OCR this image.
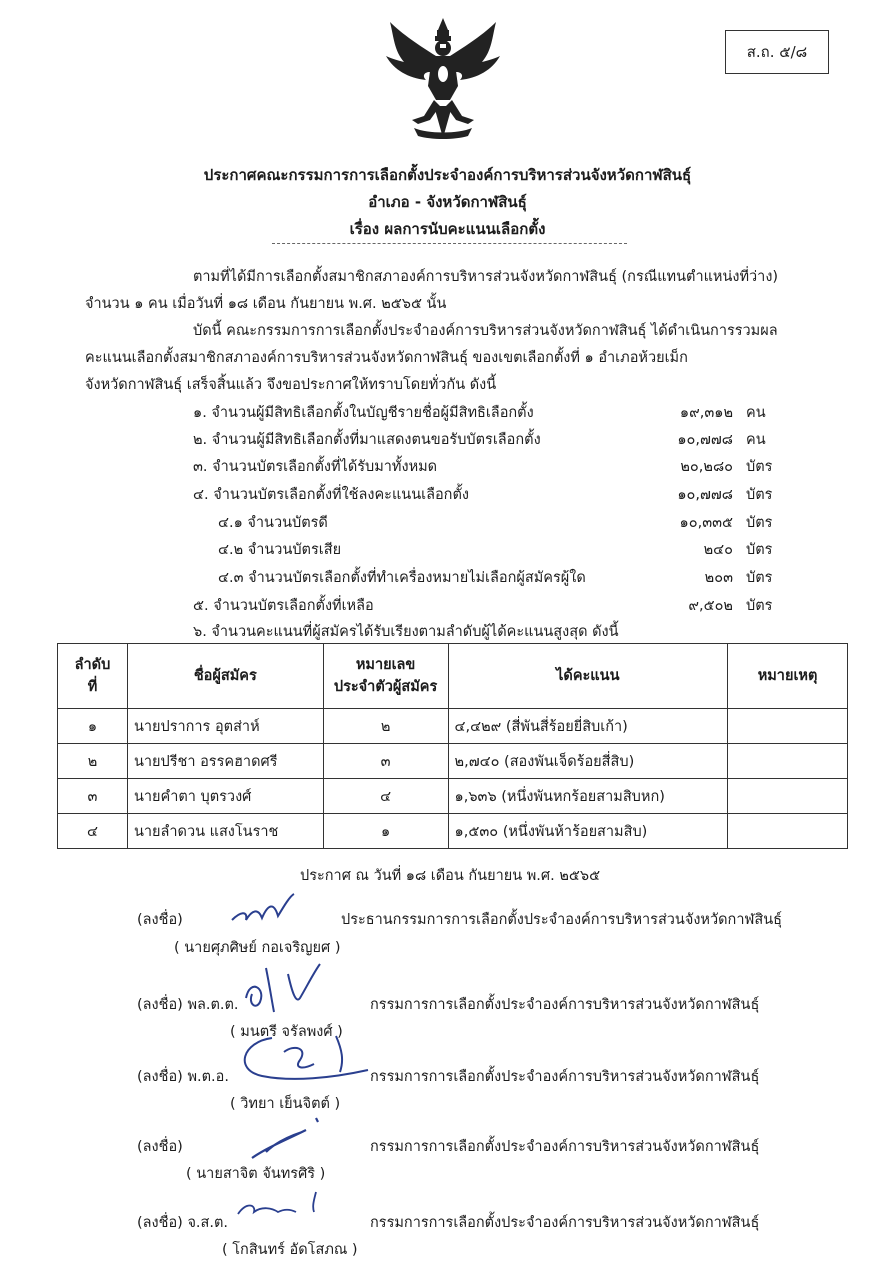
ส.ถ. ๕/๘
ประกาศคณะกรรมการการเลือกตั้งประจำองค์การบริหารส่วนจังหวัดกาฬสินธุ์
อำเภอ - จังหวัดกาฬสินธุ์
เรื่อง ผลการนับคะแนนเลือกตั้ง
ตามที่ได้มีการเลือกตั้งสมาชิกสภาองค์การบริหารส่วนจังหวัดกาฬสินธุ์ (กรณีแทนตำแหน่งที่ว่าง)
จำนวน ๑ คน เมื่อวันที่ ๑๘ เดือน กันยายน พ.ศ. ๒๕๖๕ นั้น
บัดนี้ คณะกรรมการการเลือกตั้งประจำองค์การบริหารส่วนจังหวัดกาฬสินธุ์ ได้ดำเนินการรวมผล
คะแนนเลือกตั้งสมาชิกสภาองค์การบริหารส่วนจังหวัดกาฬสินธุ์ ของเขตเลือกตั้งที่ ๑ อำเภอห้วยเม็ก
จังหวัดกาฬสินธุ์ เสร็จสิ้นแล้ว จึงขอประกาศให้ทราบโดยทั่วกัน ดังนี้
๑. จำนวนผู้มีสิทธิเลือกตั้งในบัญชีรายชื่อผู้มีสิทธิเลือกตั้ง	๑๙,๓๑๒ คน
๒. จำนวนผู้มีสิทธิเลือกตั้งที่มาแสดงตนขอรับบัตรเลือกตั้ง	๑๐,๗๗๘ คน
๓. จำนวนบัตรเลือกตั้งที่ได้รับมาทั้งหมด	๒๐,๒๘๐ บัตร
๔. จำนวนบัตรเลือกตั้งที่ใช้ลงคะแนนเลือกตั้ง	๑๐,๗๗๘ บัตร
๔.๑ จำนวนบัตรดี	๑๐,๓๓๕ บัตร
๔.๒ จำนวนบัตรเสีย	๒๔๐ บัตร
๔.๓ จำนวนบัตรเลือกตั้งที่ทำเครื่องหมายไม่เลือกผู้สมัครผู้ใด	๒๐๓ บัตร
๕. จำนวนบัตรเลือกตั้งที่เหลือ	๙,๕๐๒ บัตร
๖. จำนวนคะแนนที่ผู้สมัครได้รับเรียงตามลำดับผู้ได้คะแนนสูงสุด ดังนี้
ลำดับ
ที่	ชื่อผู้สมัคร	หมายเลข
ประจำตัวผู้สมัคร	ได้คะแนน	หมายเหตุ
๑	นายปราการ อุตส่าห์	๒	๔,๔๒๙ (สี่พันสี่ร้อยยี่สิบเก้า)	
๒	นายปรีชา อรรคฮาดศรี	๓	๒,๗๔๐ (สองพันเจ็ดร้อยสี่สิบ)	
๓	นายคำตา บุตรวงศ์	๔	๑,๖๓๖ (หนึ่งพันหกร้อยสามสิบหก)	
๔	นายลำดวน แสงโนราช	๑	๑,๕๓๐ (หนึ่งพันห้าร้อยสามสิบ)	
ประกาศ ณ วันที่ ๑๘ เดือน กันยายน พ.ศ. ๒๕๖๕
(ลงชื่อ)	ประธานกรรมการการเลือกตั้งประจำองค์การบริหารส่วนจังหวัดกาฬสินธุ์
( นายศุภศิษย์ กอเจริญยศ )
(ลงชื่อ) พล.ต.ต.	กรรมการการเลือกตั้งประจำองค์การบริหารส่วนจังหวัดกาฬสินธุ์
( มนตรี จรัลพงศ์ )
(ลงชื่อ) พ.ต.อ.	กรรมการการเลือกตั้งประจำองค์การบริหารส่วนจังหวัดกาฬสินธุ์
( วิทยา เย็นจิตต์ )
(ลงชื่อ)	กรรมการการเลือกตั้งประจำองค์การบริหารส่วนจังหวัดกาฬสินธุ์
( นายสาจิต จันทรศิริ )
(ลงชื่อ) จ.ส.ต.	กรรมการการเลือกตั้งประจำองค์การบริหารส่วนจังหวัดกาฬสินธุ์
( โกสินทร์ อัดโสภณ )
